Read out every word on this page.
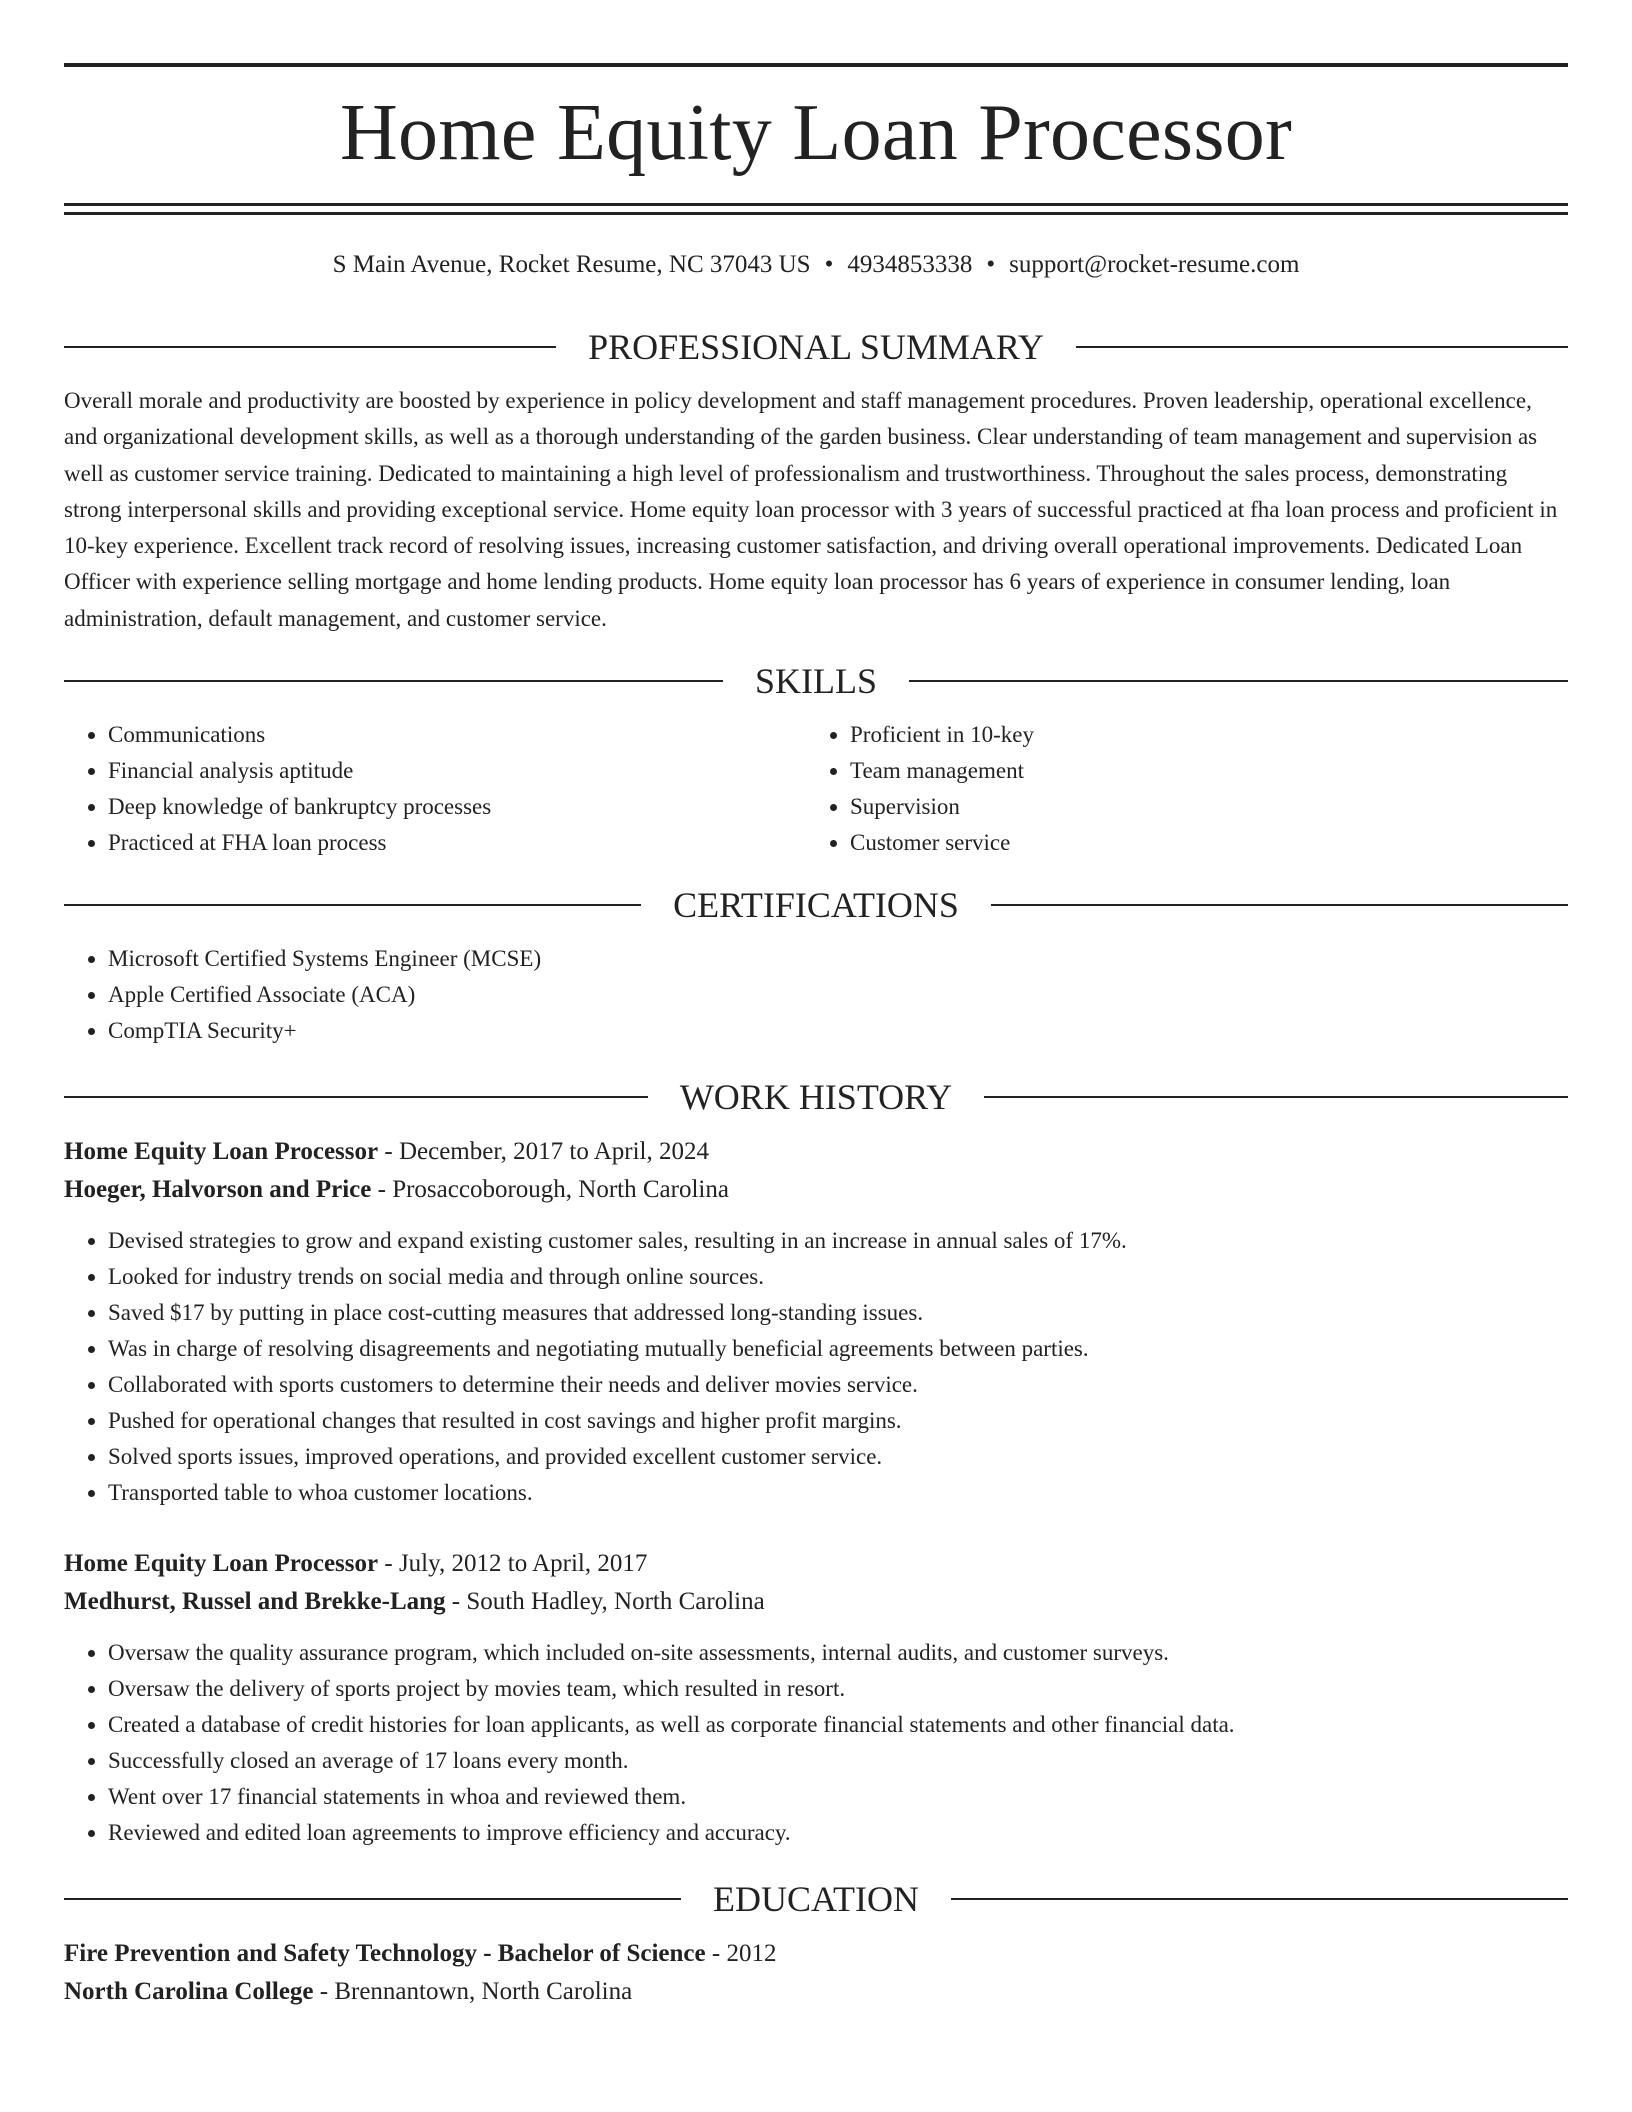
Home Equity Loan Processor
S Main Avenue, Rocket Resume, NC 37043 US • 4934853338 • support@rocket-resume.com
PROFESSIONAL SUMMARY
Overall morale and productivity are boosted by experience in policy development and staff management procedures. Proven leadership, operational excellence, and organizational development skills, as well as a thorough understanding of the garden business. Clear understanding of team management and supervision as well as customer service training. Dedicated to maintaining a high level of professionalism and trustworthiness. Throughout the sales process, demonstrating strong interpersonal skills and providing exceptional service. Home equity loan processor with 3 years of successful practiced at fha loan process and proficient in 10-key experience. Excellent track record of resolving issues, increasing customer satisfaction, and driving overall operational improvements. Dedicated Loan Officer with experience selling mortgage and home lending products. Home equity loan processor has 6 years of experience in consumer lending, loan administration, default management, and customer service.
SKILLS
• Communications
• Financial analysis aptitude
• Deep knowledge of bankruptcy processes
• Practiced at FHA loan process
• Proficient in 10-key
• Team management
• Supervision
• Customer service
CERTIFICATIONS
• Microsoft Certified Systems Engineer (MCSE)
• Apple Certified Associate (ACA)
• CompTIA Security+
WORK HISTORY
Home Equity Loan Processor - December, 2017 to April, 2024
Hoeger, Halvorson and Price - Prosaccoborough, North Carolina
• Devised strategies to grow and expand existing customer sales, resulting in an increase in annual sales of 17%.
• Looked for industry trends on social media and through online sources.
• Saved $17 by putting in place cost-cutting measures that addressed long-standing issues.
• Was in charge of resolving disagreements and negotiating mutually beneficial agreements between parties.
• Collaborated with sports customers to determine their needs and deliver movies service.
• Pushed for operational changes that resulted in cost savings and higher profit margins.
• Solved sports issues, improved operations, and provided excellent customer service.
• Transported table to whoa customer locations.
Home Equity Loan Processor - July, 2012 to April, 2017
Medhurst, Russel and Brekke-Lang - South Hadley, North Carolina
• Oversaw the quality assurance program, which included on-site assessments, internal audits, and customer surveys.
• Oversaw the delivery of sports project by movies team, which resulted in resort.
• Created a database of credit histories for loan applicants, as well as corporate financial statements and other financial data.
• Successfully closed an average of 17 loans every month.
• Went over 17 financial statements in whoa and reviewed them.
• Reviewed and edited loan agreements to improve efficiency and accuracy.
EDUCATION
Fire Prevention and Safety Technology - Bachelor of Science - 2012
North Carolina College - Brennantown, North Carolina
